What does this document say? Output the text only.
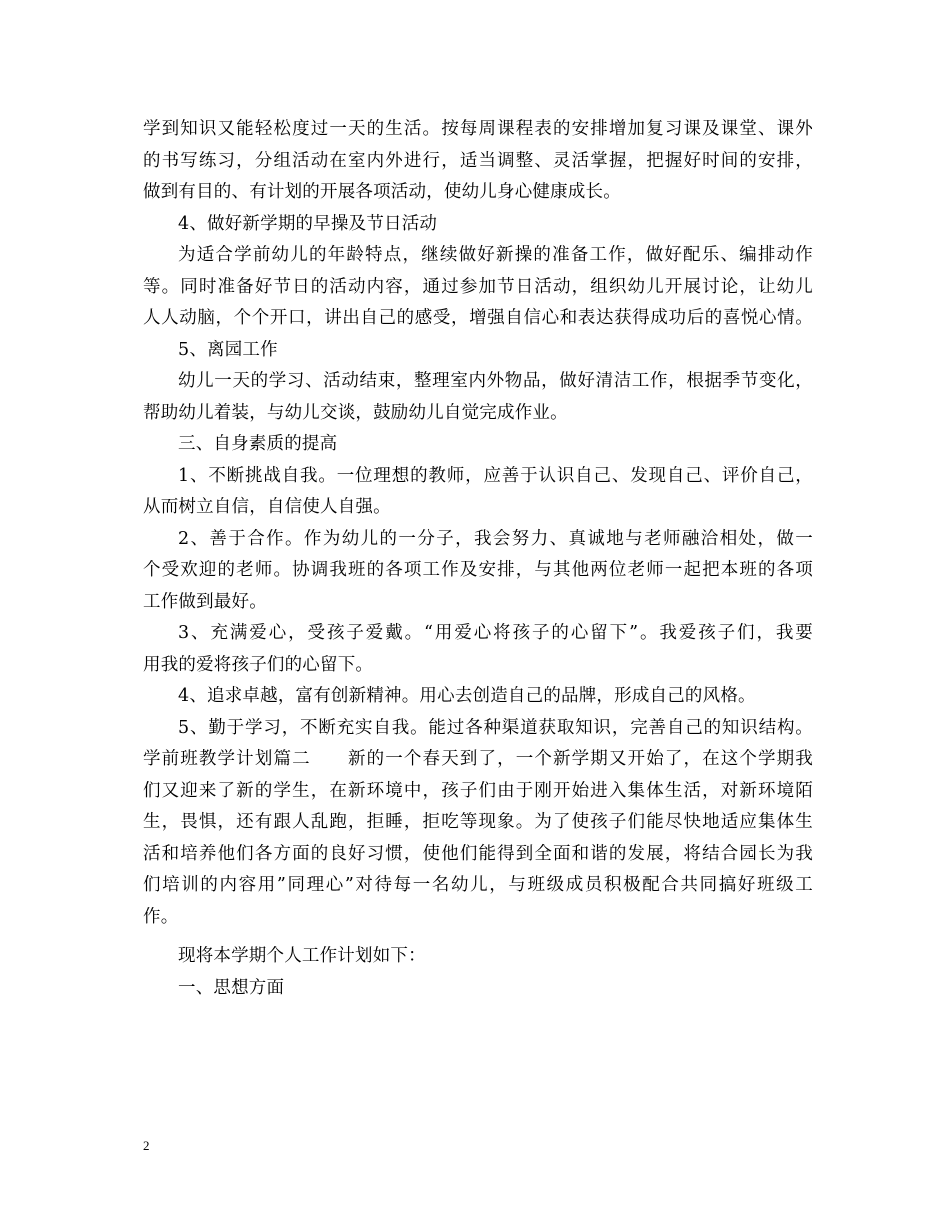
学到知识又能轻松度过一天的生活。按每周课程表的安排增加复习课及课堂、课外
的书写练习，分组活动在室内外进行，适当调整、灵活掌握，把握好时间的安排，
做到有目的、有计划的开展各项活动，使幼儿身心健康成长。
4、做好新学期的早操及节日活动
为适合学前幼儿的年龄特点，继续做好新操的准备工作，做好配乐、编排动作
等。同时准备好节日的活动内容，通过参加节日活动，组织幼儿开展讨论，让幼儿
人人动脑，个个开口，讲出自己的感受，增强自信心和表达获得成功后的喜悦心情。
5、离园工作
幼儿一天的学习、活动结束，整理室内外物品，做好清洁工作，根据季节变化，
帮助幼儿着装，与幼儿交谈，鼓励幼儿自觉完成作业。
三、自身素质的提高
1、不断挑战自我。一位理想的教师，应善于认识自己、发现自己、评价自己，
从而树立自信，自信使人自强。
2、善于合作。作为幼儿的一分子，我会努力、真诚地与老师融洽相处，做一
个受欢迎的老师。协调我班的各项工作及安排，与其他两位老师一起把本班的各项
工作做到最好。
3、充满爱心，受孩子爱戴。“用爱心将孩子的心留下”。我爱孩子们，我要
用我的爱将孩子们的心留下。
4、追求卓越，富有创新精神。用心去创造自己的品牌，形成自己的风格。
5、勤于学习，不断充实自我。能过各种渠道获取知识，完善自己的知识结构。
学前班教学计划篇二　　新的一个春天到了，一个新学期又开始了，在这个学期我
们又迎来了新的学生，在新环境中，孩子们由于刚开始进入集体生活，对新环境陌
生，畏惧，还有跟人乱跑，拒睡，拒吃等现象。为了使孩子们能尽快地适应集体生
活和培养他们各方面的良好习惯，使他们能得到全面和谐的发展，将结合园长为我
们培训的内容用”同理心”对待每一名幼儿，与班级成员积极配合共同搞好班级工
作。
现将本学期个人工作计划如下：
一、思想方面
2
